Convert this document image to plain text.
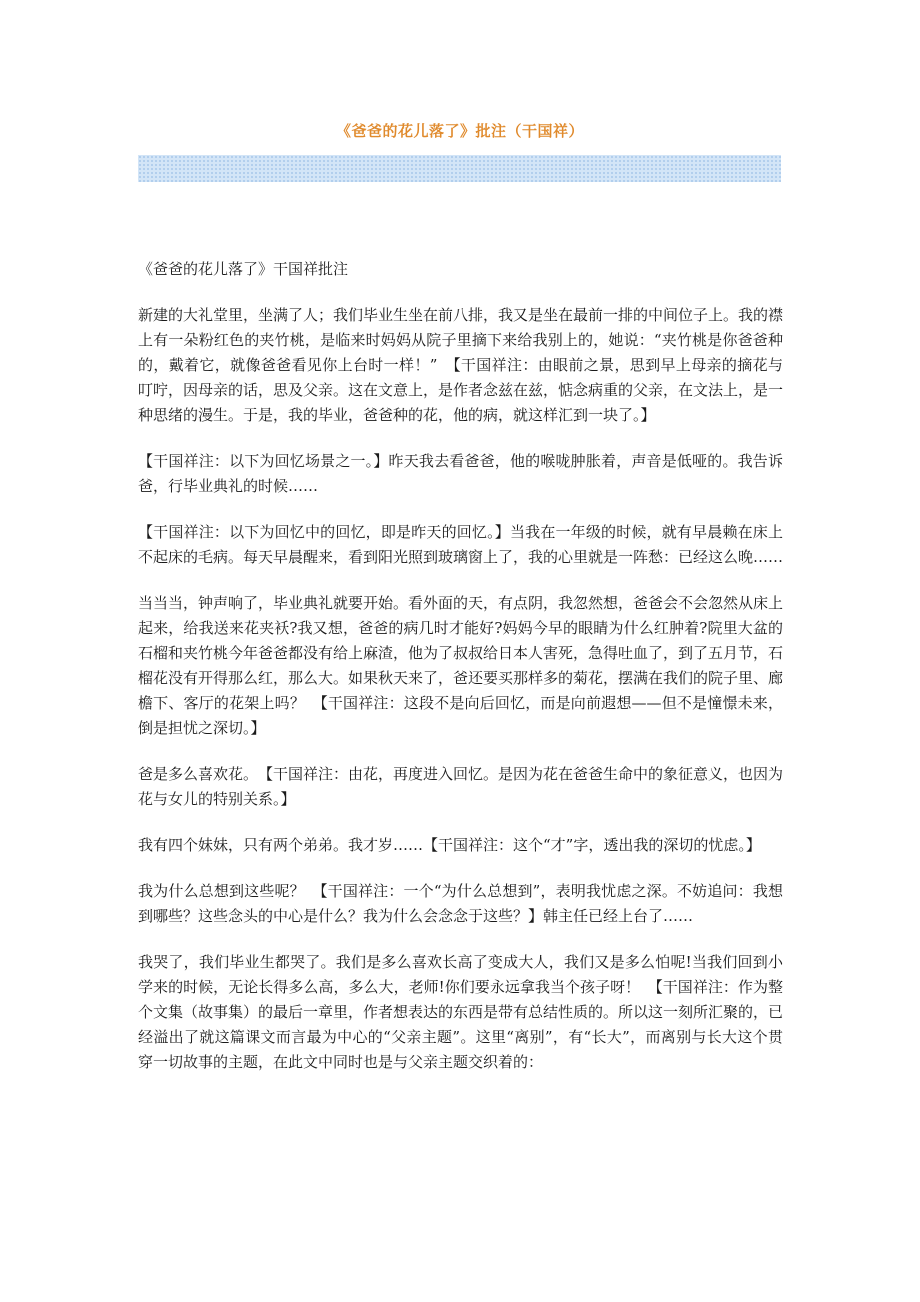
《爸爸的花儿落了》批注（干国祥）

《爸爸的花儿落了》干国祥批注

新建的大礼堂里，坐满了人；我们毕业生坐在前八排，我又是坐在最前一排的中间位子上。我的襟上有一朵粉红色的夹竹桃，是临来时妈妈从院子里摘下来给我别上的，她说：“夹竹桃是你爸爸种的，戴着它，就像爸爸看见你上台时一样！”　【干国祥注：由眼前之景，思到早上母亲的摘花与叮咛，因母亲的话，思及父亲。这在文意上，是作者念兹在兹，惦念病重的父亲，在文法上，是一种思绪的漫生。于是，我的毕业，爸爸种的花，他的病，就这样汇到一块了。】

【干国祥注：以下为回忆场景之一。】昨天我去看爸爸，他的喉咙肿胀着，声音是低哑的。我告诉爸，行毕业典礼的时候……

【干国祥注：以下为回忆中的回忆，即是昨天的回忆。】当我在一年级的时候，就有早晨赖在床上不起床的毛病。每天早晨醒来，看到阳光照到玻璃窗上了，我的心里就是一阵愁：已经这么晚……

当当当，钟声响了，毕业典礼就要开始。看外面的天，有点阴，我忽然想，爸爸会不会忽然从床上起来，给我送来花夹袄?我又想，爸爸的病几时才能好?妈妈今早的眼睛为什么红肿着?院里大盆的石榴和夹竹桃今年爸爸都没有给上麻渣，他为了叔叔给日本人害死，急得吐血了，到了五月节，石榴花没有开得那么红，那么大。如果秋天来了，爸还要买那样多的菊花，摆满在我们的院子里、廊檐下、客厅的花架上吗？　【干国祥注：这段不是向后回忆，而是向前遐想——但不是憧憬未来，倒是担忧之深切。】

爸是多么喜欢花。　【干国祥注：由花，再度进入回忆。是因为花在爸爸生命中的象征意义，也因为花与女儿的特别关系。】

我有四个妹妹，只有两个弟弟。我才岁……【干国祥注：这个“才”字，透出我的深切的忧虑。】

我为什么总想到这些呢？　【干国祥注：一个“为什么总想到”，表明我忧虑之深。不妨追问：我想到哪些？这些念头的中心是什么？我为什么会念念于这些？】韩主任已经上台了……

我哭了，我们毕业生都哭了。我们是多么喜欢长高了变成大人，我们又是多么怕呢!当我们回到小学来的时候，无论长得多么高，多么大，老师!你们要永远拿我当个孩子呀！　【干国祥注：作为整个文集（故事集）的最后一章里，作者想表达的东西是带有总结性质的。所以这一刻所汇聚的，已经溢出了就这篇课文而言最为中心的“父亲主题”。这里“离别”，有“长大”，而离别与长大这个贯穿一切故事的主题，在此文中同时也是与父亲主题交织着的：
